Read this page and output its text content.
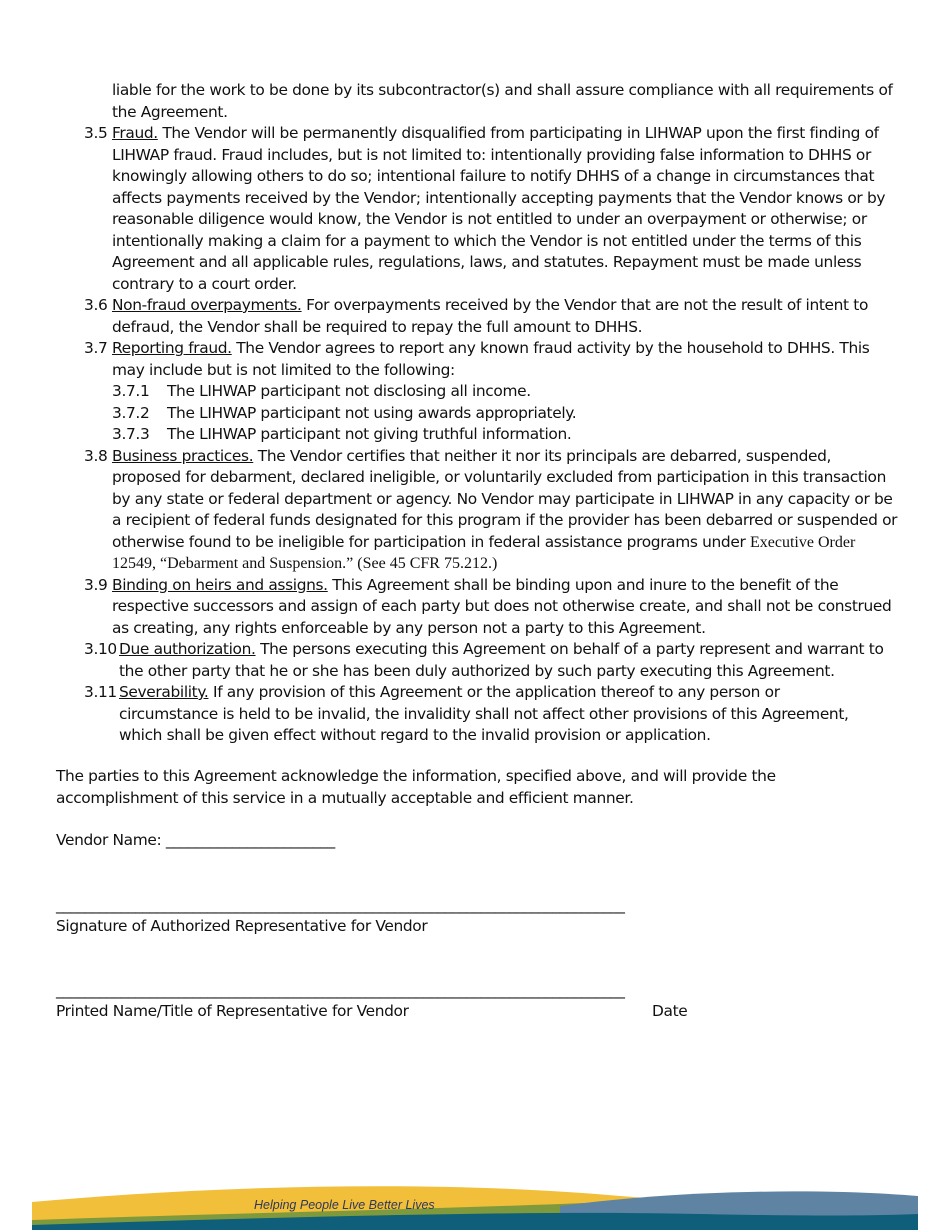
liable for the work to be done by its subcontractor(s) and shall assure compliance with all requirements of the Agreement.
3.5 Fraud. The Vendor will be permanently disqualified from participating in LIHWAP upon the first finding of LIHWAP fraud. Fraud includes, but is not limited to: intentionally providing false information to DHHS or knowingly allowing others to do so; intentional failure to notify DHHS of a change in circumstances that affects payments received by the Vendor; intentionally accepting payments that the Vendor knows or by reasonable diligence would know, the Vendor is not entitled to under an overpayment or otherwise; or intentionally making a claim for a payment to which the Vendor is not entitled under the terms of this Agreement and all applicable rules, regulations, laws, and statutes. Repayment must be made unless contrary to a court order.
3.6 Non-fraud overpayments. For overpayments received by the Vendor that are not the result of intent to defraud, the Vendor shall be required to repay the full amount to DHHS.
3.7 Reporting fraud. The Vendor agrees to report any known fraud activity by the household to DHHS. This may include but is not limited to the following:
3.7.1 The LIHWAP participant not disclosing all income.
3.7.2 The LIHWAP participant not using awards appropriately.
3.7.3 The LIHWAP participant not giving truthful information.
3.8 Business practices. The Vendor certifies that neither it nor its principals are debarred, suspended, proposed for debarment, declared ineligible, or voluntarily excluded from participation in this transaction by any state or federal department or agency. No Vendor may participate in LIHWAP in any capacity or be a recipient of federal funds designated for this program if the provider has been debarred or suspended or otherwise found to be ineligible for participation in federal assistance programs under Executive Order 12549, “Debarment and Suspension.” (See 45 CFR 75.212.)
3.9 Binding on heirs and assigns. This Agreement shall be binding upon and inure to the benefit of the respective successors and assign of each party but does not otherwise create, and shall not be construed as creating, any rights enforceable by any person not a party to this Agreement.
3.10 Due authorization. The persons executing this Agreement on behalf of a party represent and warrant to the other party that he or she has been duly authorized by such party executing this Agreement.
3.11 Severability. If any provision of this Agreement or the application thereof to any person or circumstance is held to be invalid, the invalidity shall not affect other provisions of this Agreement, which shall be given effect without regard to the invalid provision or application.
The parties to this Agreement acknowledge the information, specified above, and will provide the accomplishment of this service in a mutually acceptable and efficient manner.
Vendor Name: _______________________
_______________________________________________________________________________
Signature of Authorized Representative for Vendor
_______________________________________________________________________________
Printed Name/Title of Representative for Vendor	Date
Helping People Live Better Lives
